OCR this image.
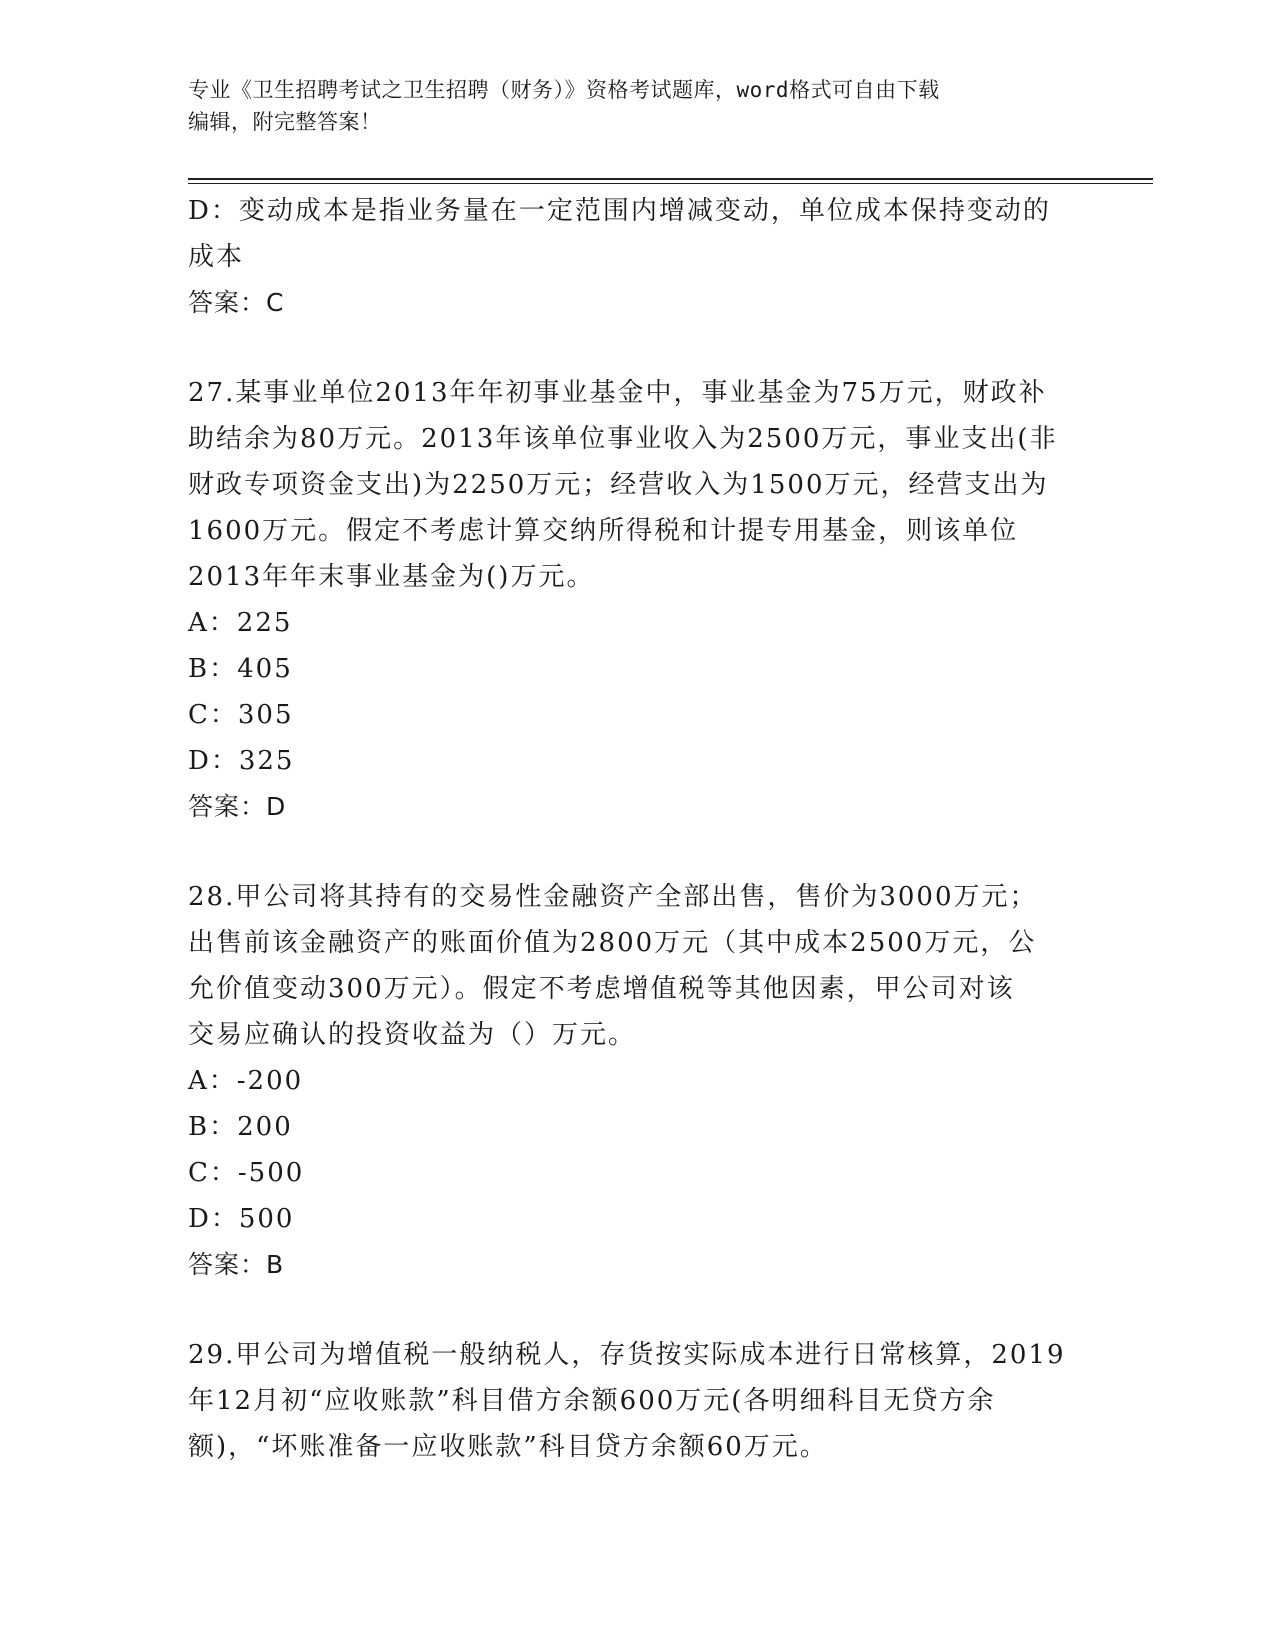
专业《卫生招聘考试之卫生招聘（财务）》资格考试题库，word格式可自由下载
编辑，附完整答案！
D：变动成本是指业务量在一定范围内增减变动，单位成本保持变动的
成本
答案：C
27.某事业单位2013年年初事业基金中，事业基金为75万元，财政补
助结余为80万元。2013年该单位事业收入为2500万元，事业支出(非
财政专项资金支出)为2250万元；经营收入为1500万元，经营支出为
1600万元。假定不考虑计算交纳所得税和计提专用基金，则该单位
2013年年末事业基金为()万元。
A：225
B：405
C：305
D：325
答案：D
28.甲公司将其持有的交易性金融资产全部出售，售价为3000万元；
出售前该金融资产的账面价值为2800万元（其中成本2500万元，公
允价值变动300万元）。假定不考虑增值税等其他因素，甲公司对该
交易应确认的投资收益为（）万元。
A：-200
B：200
C：-500
D：500
答案：B
29.甲公司为增值税一般纳税人，存货按实际成本进行日常核算，2019
年12月初“应收账款”科目借方余额600万元(各明细科目无贷方余
额)，“坏账准备一应收账款”科目贷方余额60万元。
